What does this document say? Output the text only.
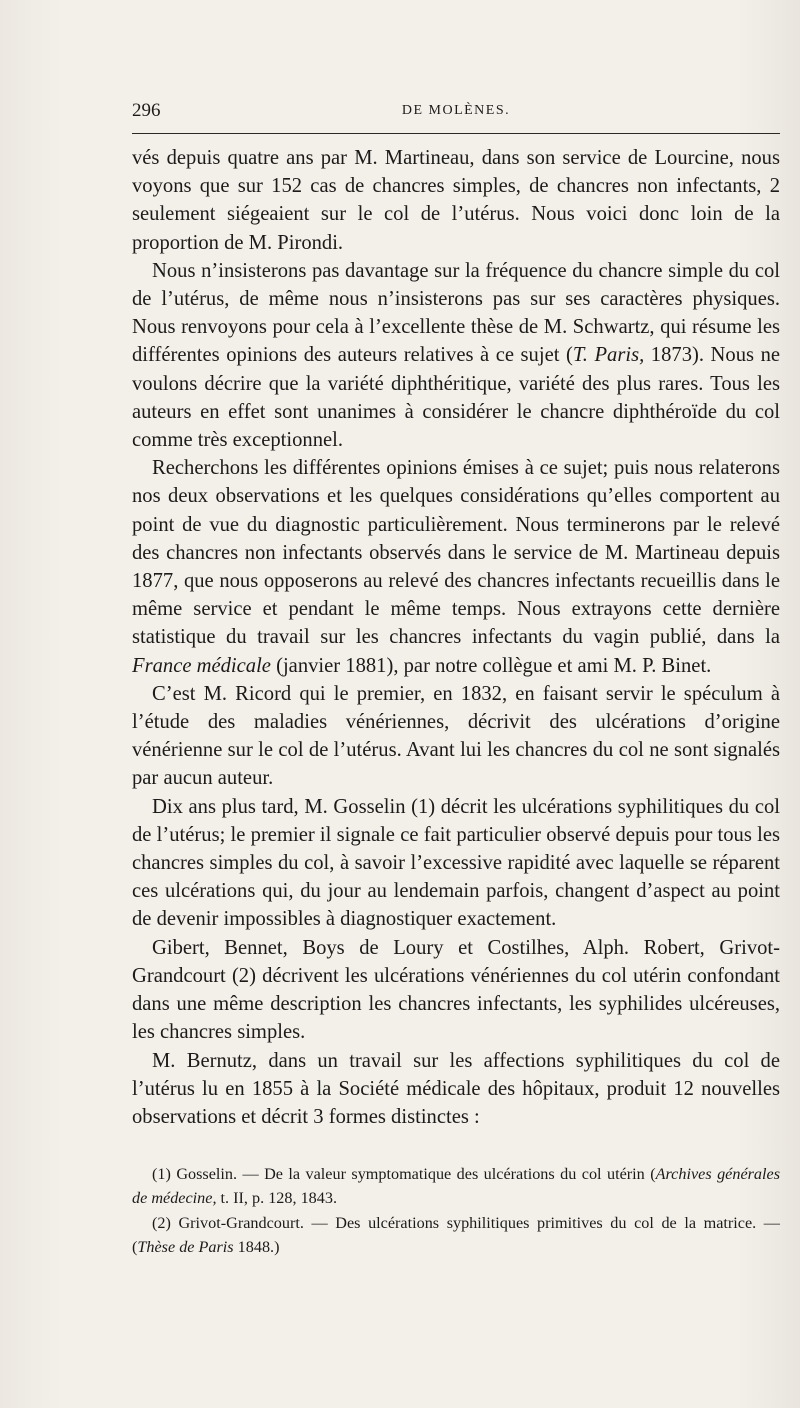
296	DE MOLÈNES.

vés depuis quatre ans par M. Martineau, dans son service de Lourcine, nous voyons que sur 152 cas de chancres simples, de chancres non infectants, 2 seulement siégeaient sur le col de l’utérus. Nous voici donc loin de la proportion de M. Pirondi.

Nous n’insisterons pas davantage sur la fréquence du chancre simple du col de l’utérus, de même nous n’insisterons pas sur ses caractères physiques. Nous renvoyons pour cela à l’excellente thèse de M. Schwartz, qui résume les différentes opinions des auteurs relatives à ce sujet (T. Paris, 1873). Nous ne voulons décrire que la variété diphthéritique, variété des plus rares. Tous les auteurs en effet sont unanimes à considérer le chancre diphthéroïde du col comme très exceptionnel.

Recherchons les différentes opinions émises à ce sujet; puis nous relaterons nos deux observations et les quelques considérations qu’elles comportent au point de vue du diagnostic particulièrement. Nous terminerons par le relevé des chancres non infectants observés dans le service de M. Martineau depuis 1877, que nous opposerons au relevé des chancres infectants recueillis dans le même service et pendant le même temps. Nous extrayons cette dernière statistique du travail sur les chancres infectants du vagin publié, dans la France médicale (janvier 1881), par notre collègue et ami M. P. Binet.

C’est M. Ricord qui le premier, en 1832, en faisant servir le spéculum à l’étude des maladies vénériennes, décrivit des ulcérations d’origine vénérienne sur le col de l’utérus. Avant lui les chancres du col ne sont signalés par aucun auteur.

Dix ans plus tard, M. Gosselin (1) décrit les ulcérations syphilitiques du col de l’utérus; le premier il signale ce fait particulier observé depuis pour tous les chancres simples du col, à savoir l’excessive rapidité avec laquelle se réparent ces ulcérations qui, du jour au lendemain parfois, changent d’aspect au point de devenir impossibles à diagnostiquer exactement.

Gibert, Bennet, Boys de Loury et Costilhes, Alph. Robert, Grivot-Grandcourt (2) décrivent les ulcérations vénériennes du col utérin confondant dans une même description les chancres infectants, les syphilides ulcéreuses, les chancres simples.

M. Bernutz, dans un travail sur les affections syphilitiques du col de l’utérus lu en 1855 à la Société médicale des hôpitaux, produit 12 nouvelles observations et décrit 3 formes distinctes :

(1) Gosselin. — De la valeur symptomatique des ulcérations du col utérin (Archives générales de médecine, t. II, p. 128, 1843.

(2) Grivot-Grandcourt. — Des ulcérations syphilitiques primitives du col de la matrice. — (Thèse de Paris 1848.)
